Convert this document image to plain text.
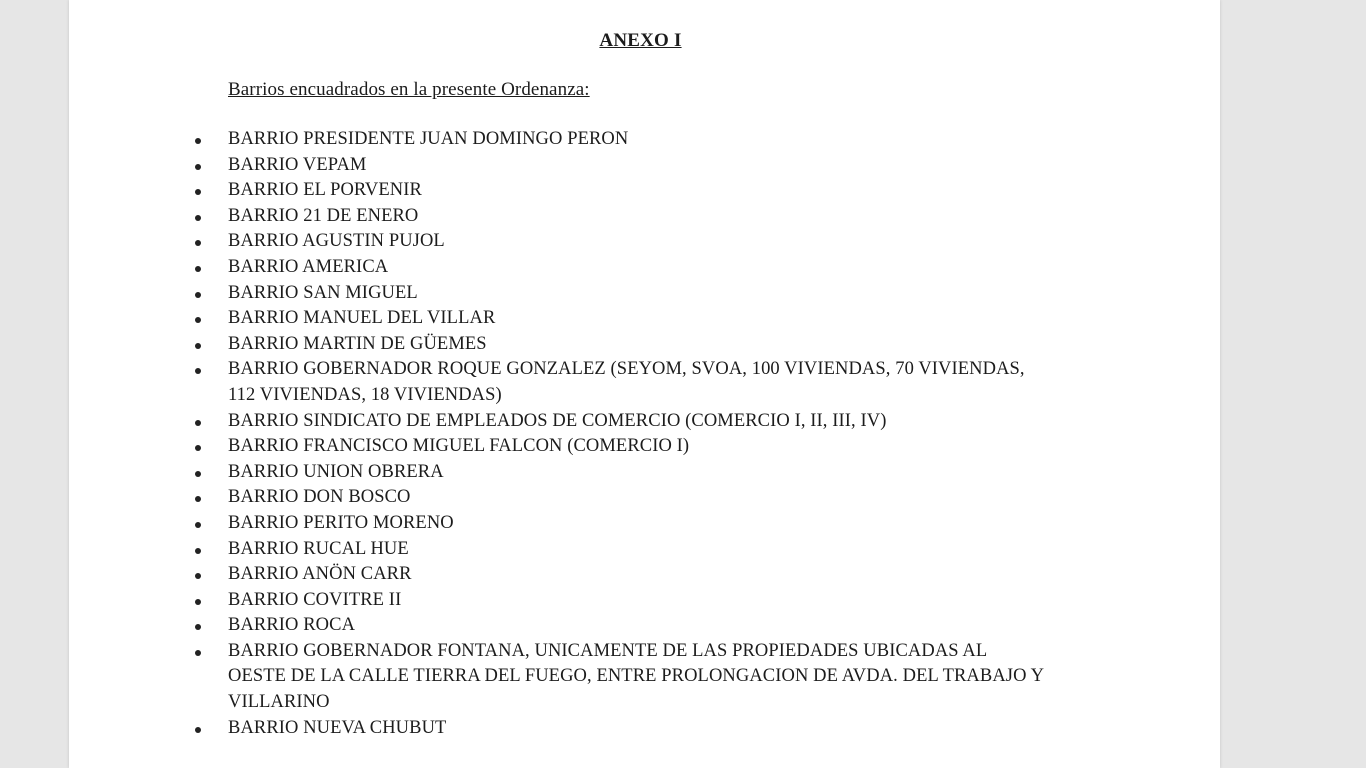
ANEXO I
Barrios encuadrados en la presente Ordenanza:
BARRIO PRESIDENTE JUAN DOMINGO PERON
BARRIO VEPAM
BARRIO EL PORVENIR
BARRIO 21 DE ENERO
BARRIO AGUSTIN PUJOL
BARRIO AMERICA
BARRIO SAN MIGUEL
BARRIO MANUEL DEL VILLAR
BARRIO MARTIN DE GÜEMES
BARRIO GOBERNADOR ROQUE GONZALEZ (SEYOM, SVOA, 100 VIVIENDAS, 70 VIVIENDAS,
112 VIVIENDAS, 18 VIVIENDAS)
BARRIO SINDICATO DE EMPLEADOS DE COMERCIO (COMERCIO I, II, III, IV)
BARRIO FRANCISCO MIGUEL FALCON (COMERCIO I)
BARRIO UNION OBRERA
BARRIO DON BOSCO
BARRIO PERITO MORENO
BARRIO RUCAL HUE
BARRIO ANÖN CARR
BARRIO COVITRE II
BARRIO ROCA
BARRIO GOBERNADOR FONTANA, UNICAMENTE DE LAS PROPIEDADES UBICADAS AL
OESTE DE LA CALLE TIERRA DEL FUEGO, ENTRE PROLONGACION DE AVDA. DEL TRABAJO Y
VILLARINO
BARRIO NUEVA CHUBUT
